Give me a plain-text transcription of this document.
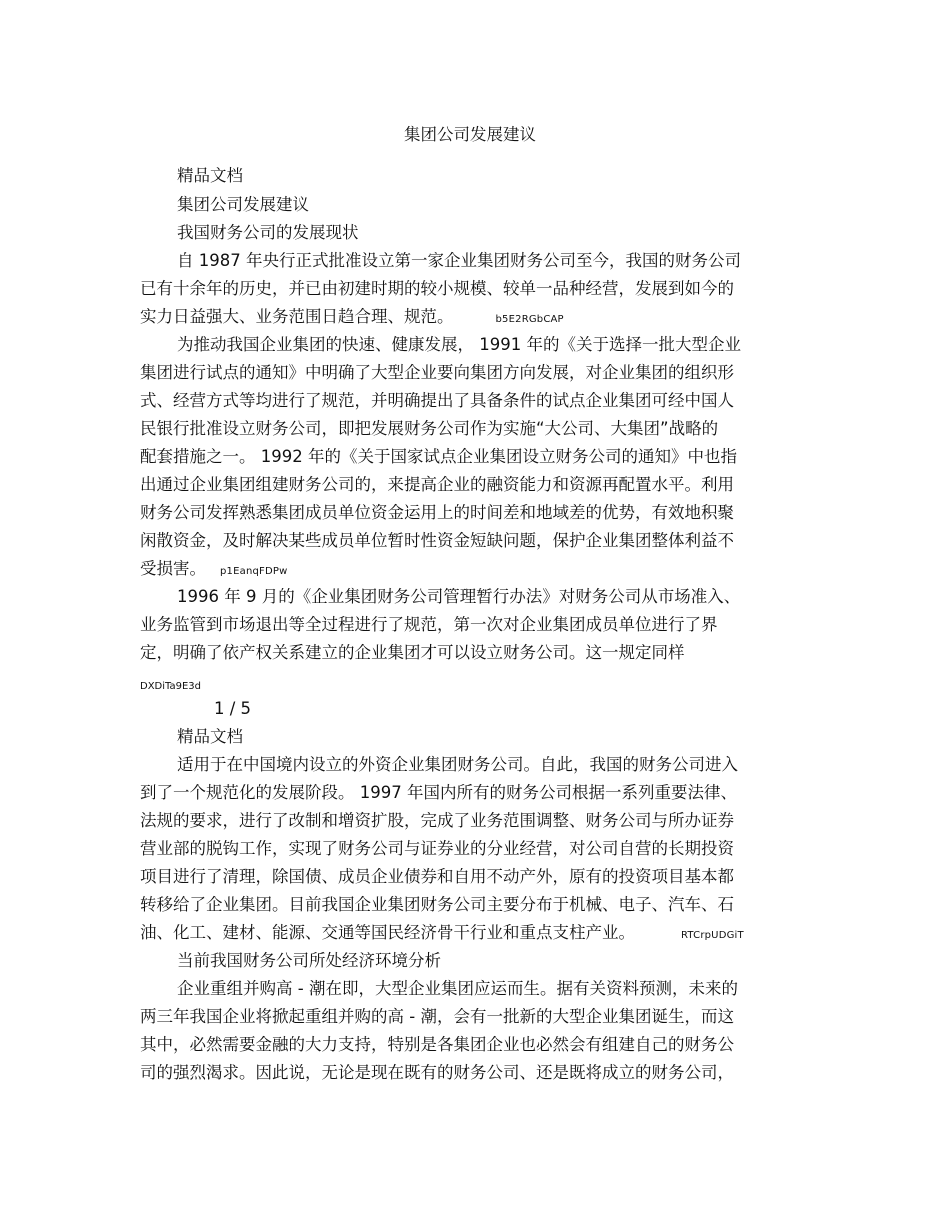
集团公司发展建议
精品文档
集团公司发展建议
我国财务公司的发展现状
自 1987 年央行正式批准设立第一家企业集团财务公司至今，我国的财务公司
已有十余年的历史，并已由初建时期的较小规模、较单一品种经营，发展到如今的
实力日益强大、业务范围日趋合理、规范。	b5E2RGbCAP
为推动我国企业集团的快速、健康发展， 1991 年的《关于选择一批大型企业
集团进行试点的通知》中明确了大型企业要向集团方向发展，对企业集团的组织形
式、经营方式等均进行了规范，并明确提出了具备条件的试点企业集团可经中国人
民银行批准设立财务公司，即把发展财务公司作为实施“大公司、大集团”战略的
配套措施之一。 1992 年的《关于国家试点企业集团设立财务公司的通知》中也指
出通过企业集团组建财务公司的，来提高企业的融资能力和资源再配置水平。利用
财务公司发挥熟悉集团成员单位资金运用上的时间差和地域差的优势，有效地积聚
闲散资金，及时解决某些成员单位暂时性资金短缺问题，保护企业集团整体利益不
受损害。 p1EanqFDPw
1996 年 9 月的《企业集团财务公司管理暂行办法》对财务公司从市场准入、
业务监管到市场退出等全过程进行了规范，第一次对企业集团成员单位进行了界
定，明确了依产权关系建立的企业集团才可以设立财务公司。这一规定同样
DXDiTa9E3d
1 / 5
精品文档
适用于在中国境内设立的外资企业集团财务公司。自此，我国的财务公司进入
到了一个规范化的发展阶段。 1997 年国内所有的财务公司根据一系列重要法律、
法规的要求，进行了改制和增资扩股，完成了业务范围调整、财务公司与所办证券
营业部的脱钩工作，实现了财务公司与证券业的分业经营，对公司自营的长期投资
项目进行了清理，除国债、成员企业债券和自用不动产外，原有的投资项目基本都
转移给了企业集团。目前我国企业集团财务公司主要分布于机械、电子、汽车、石
油、化工、建材、能源、交通等国民经济骨干行业和重点支柱产业。	RTCrpUDGiT
当前我国财务公司所处经济环境分析
企业重组并购高 - 潮在即，大型企业集团应运而生。据有关资料预测，未来的
两三年我国企业将掀起重组并购的高 - 潮，会有一批新的大型企业集团诞生，而这
其中，必然需要金融的大力支持，特别是各集团企业也必然会有组建自己的财务公
司的强烈渴求。因此说，无论是现在既有的财务公司、还是既将成立的财务公司，
